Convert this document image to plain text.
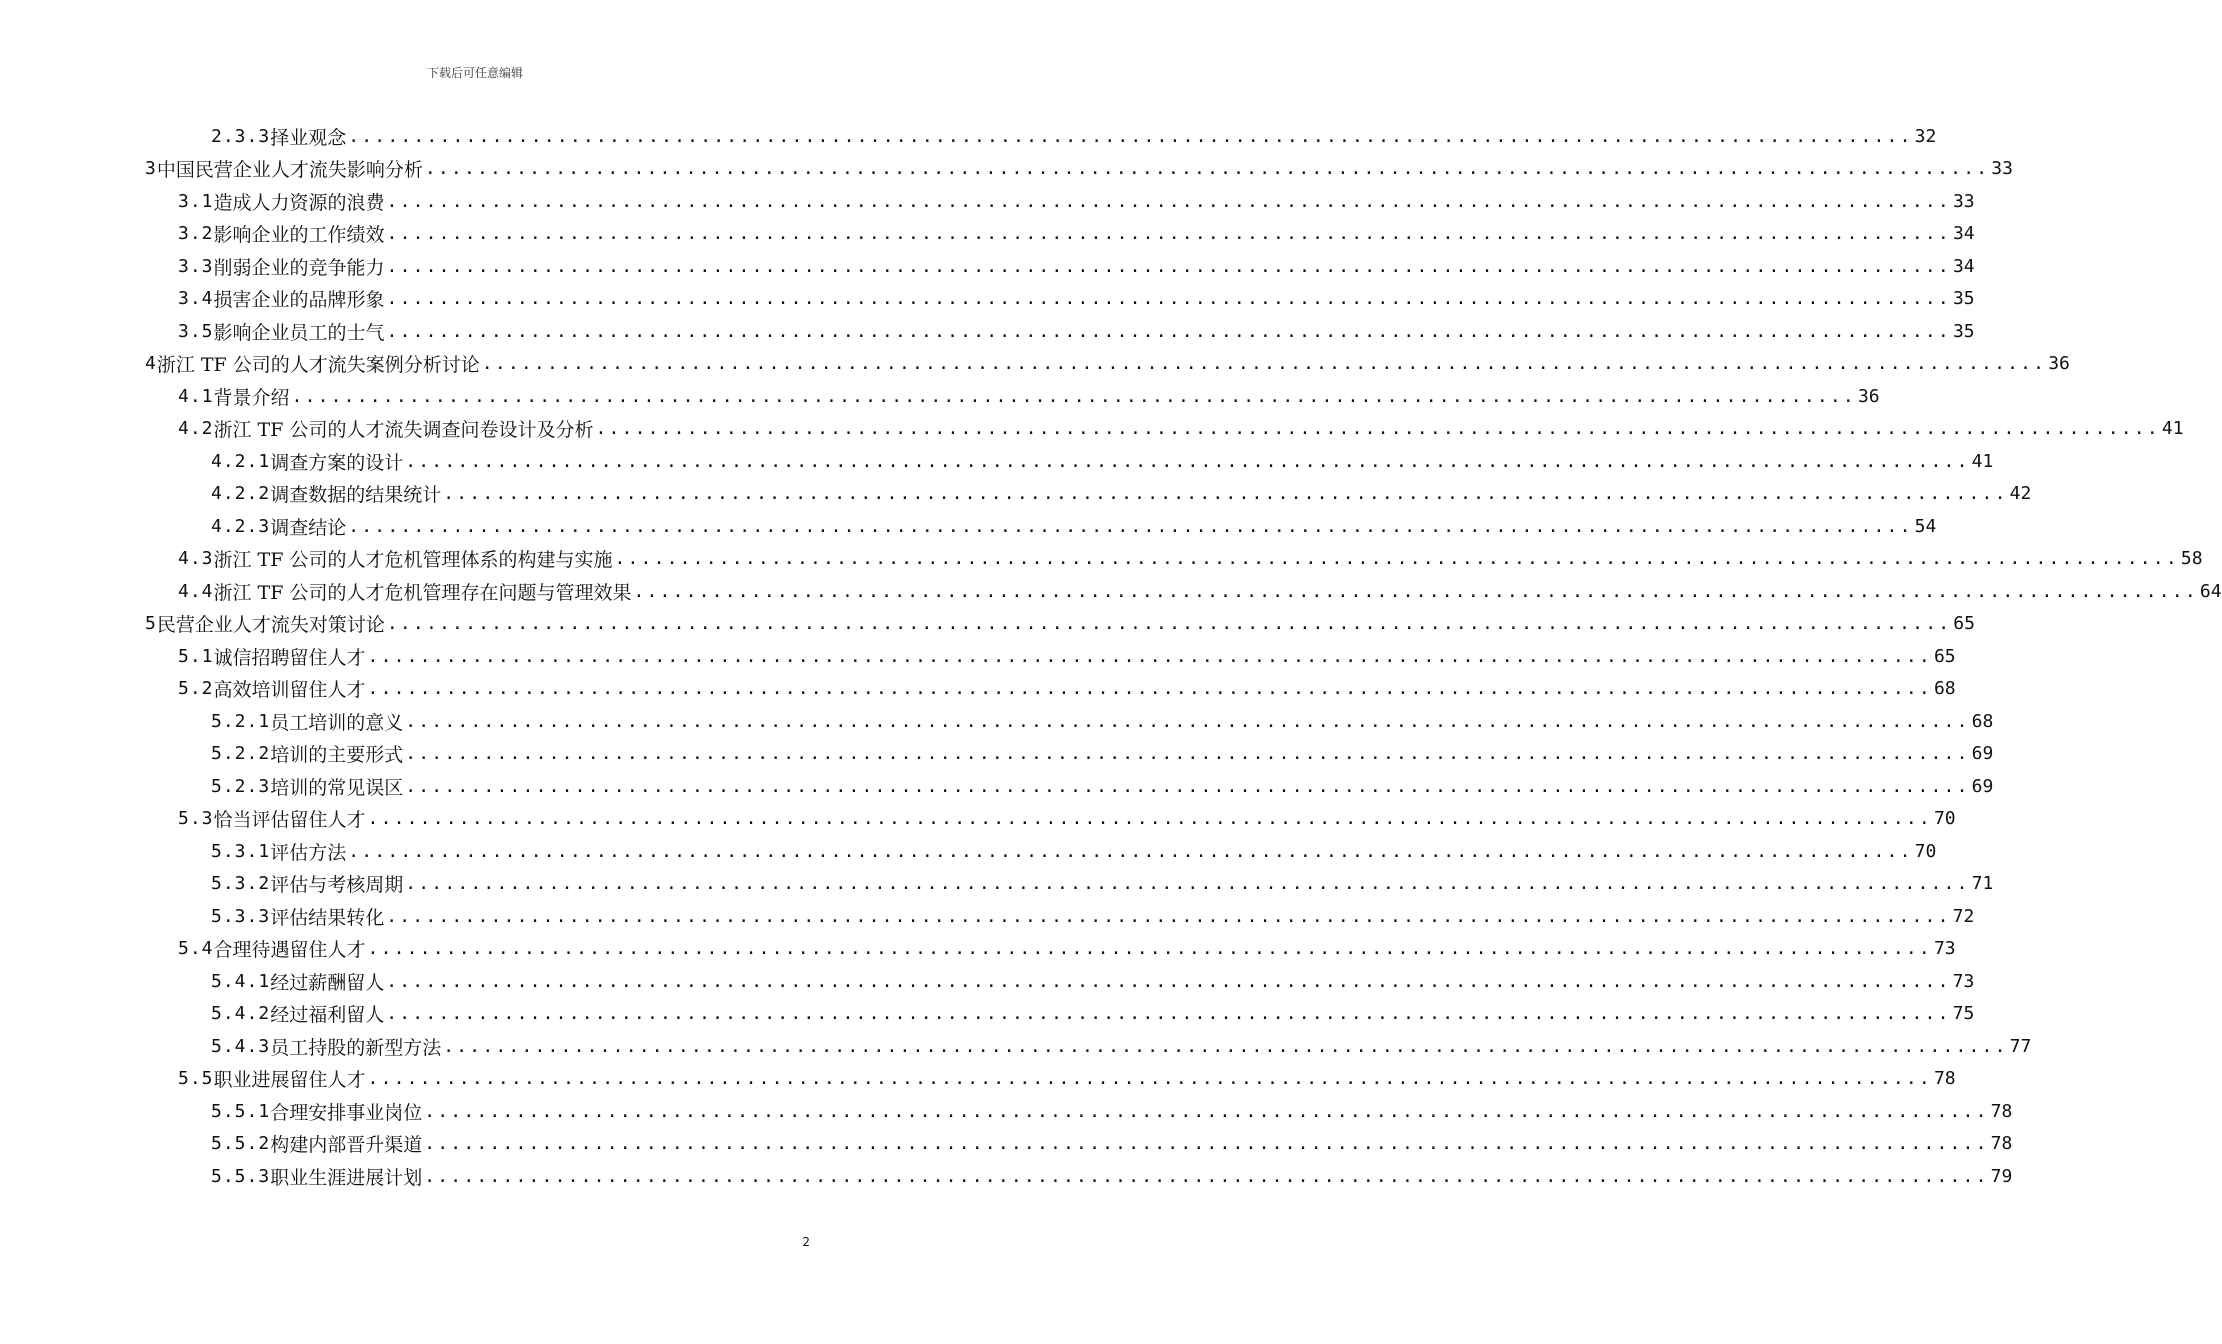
下载后可任意编辑
2.3.3 择业观念 ........................................................................................................................ 32
3 中国民营企业人才流失影响分析 ........................................................................................................................ 33
3.1 造成人力资源的浪费 ........................................................................................................................ 33
3.2 影响企业的工作绩效 ........................................................................................................................ 34
3.3 削弱企业的竞争能力 ........................................................................................................................ 34
3.4 损害企业的品牌形象 ........................................................................................................................ 35
3.5 影响企业员工的士气 ........................................................................................................................ 35
4 浙江 TF 公司的人才流失案例分析讨论 ........................................................................................................................ 36
4.1 背景介绍 ........................................................................................................................ 36
4.2 浙江 TF 公司的人才流失调查问卷设计及分析 ........................................................................................................................ 41
4.2.1 调查方案的设计 ........................................................................................................................ 41
4.2.2 调查数据的结果统计 ........................................................................................................................ 42
4.2.3 调查结论 ........................................................................................................................ 54
4.3 浙江 TF 公司的人才危机管理体系的构建与实施 ........................................................................................................................ 58
4.4 浙江 TF 公司的人才危机管理存在问题与管理效果 ........................................................................................................................ 64
5 民营企业人才流失对策讨论 ........................................................................................................................ 65
5.1 诚信招聘留住人才 ........................................................................................................................ 65
5.2 高效培训留住人才 ........................................................................................................................ 68
5.2.1 员工培训的意义 ........................................................................................................................ 68
5.2.2 培训的主要形式 ........................................................................................................................ 69
5.2.3 培训的常见误区 ........................................................................................................................ 69
5.3 恰当评估留住人才 ........................................................................................................................ 70
5.3.1 评估方法 ........................................................................................................................ 70
5.3.2 评估与考核周期 ........................................................................................................................ 71
5.3.3 评估结果转化 ........................................................................................................................ 72
5.4 合理待遇留住人才 ........................................................................................................................ 73
5.4.1 经过薪酬留人 ........................................................................................................................ 73
5.4.2 经过福利留人 ........................................................................................................................ 75
5.4.3 员工持股的新型方法 ........................................................................................................................ 77
5.5 职业进展留住人才 ........................................................................................................................ 78
5.5.1 合理安排事业岗位 ........................................................................................................................ 78
5.5.2 构建内部晋升渠道 ........................................................................................................................ 78
5.5.3 职业生涯进展计划 ........................................................................................................................ 79
2
